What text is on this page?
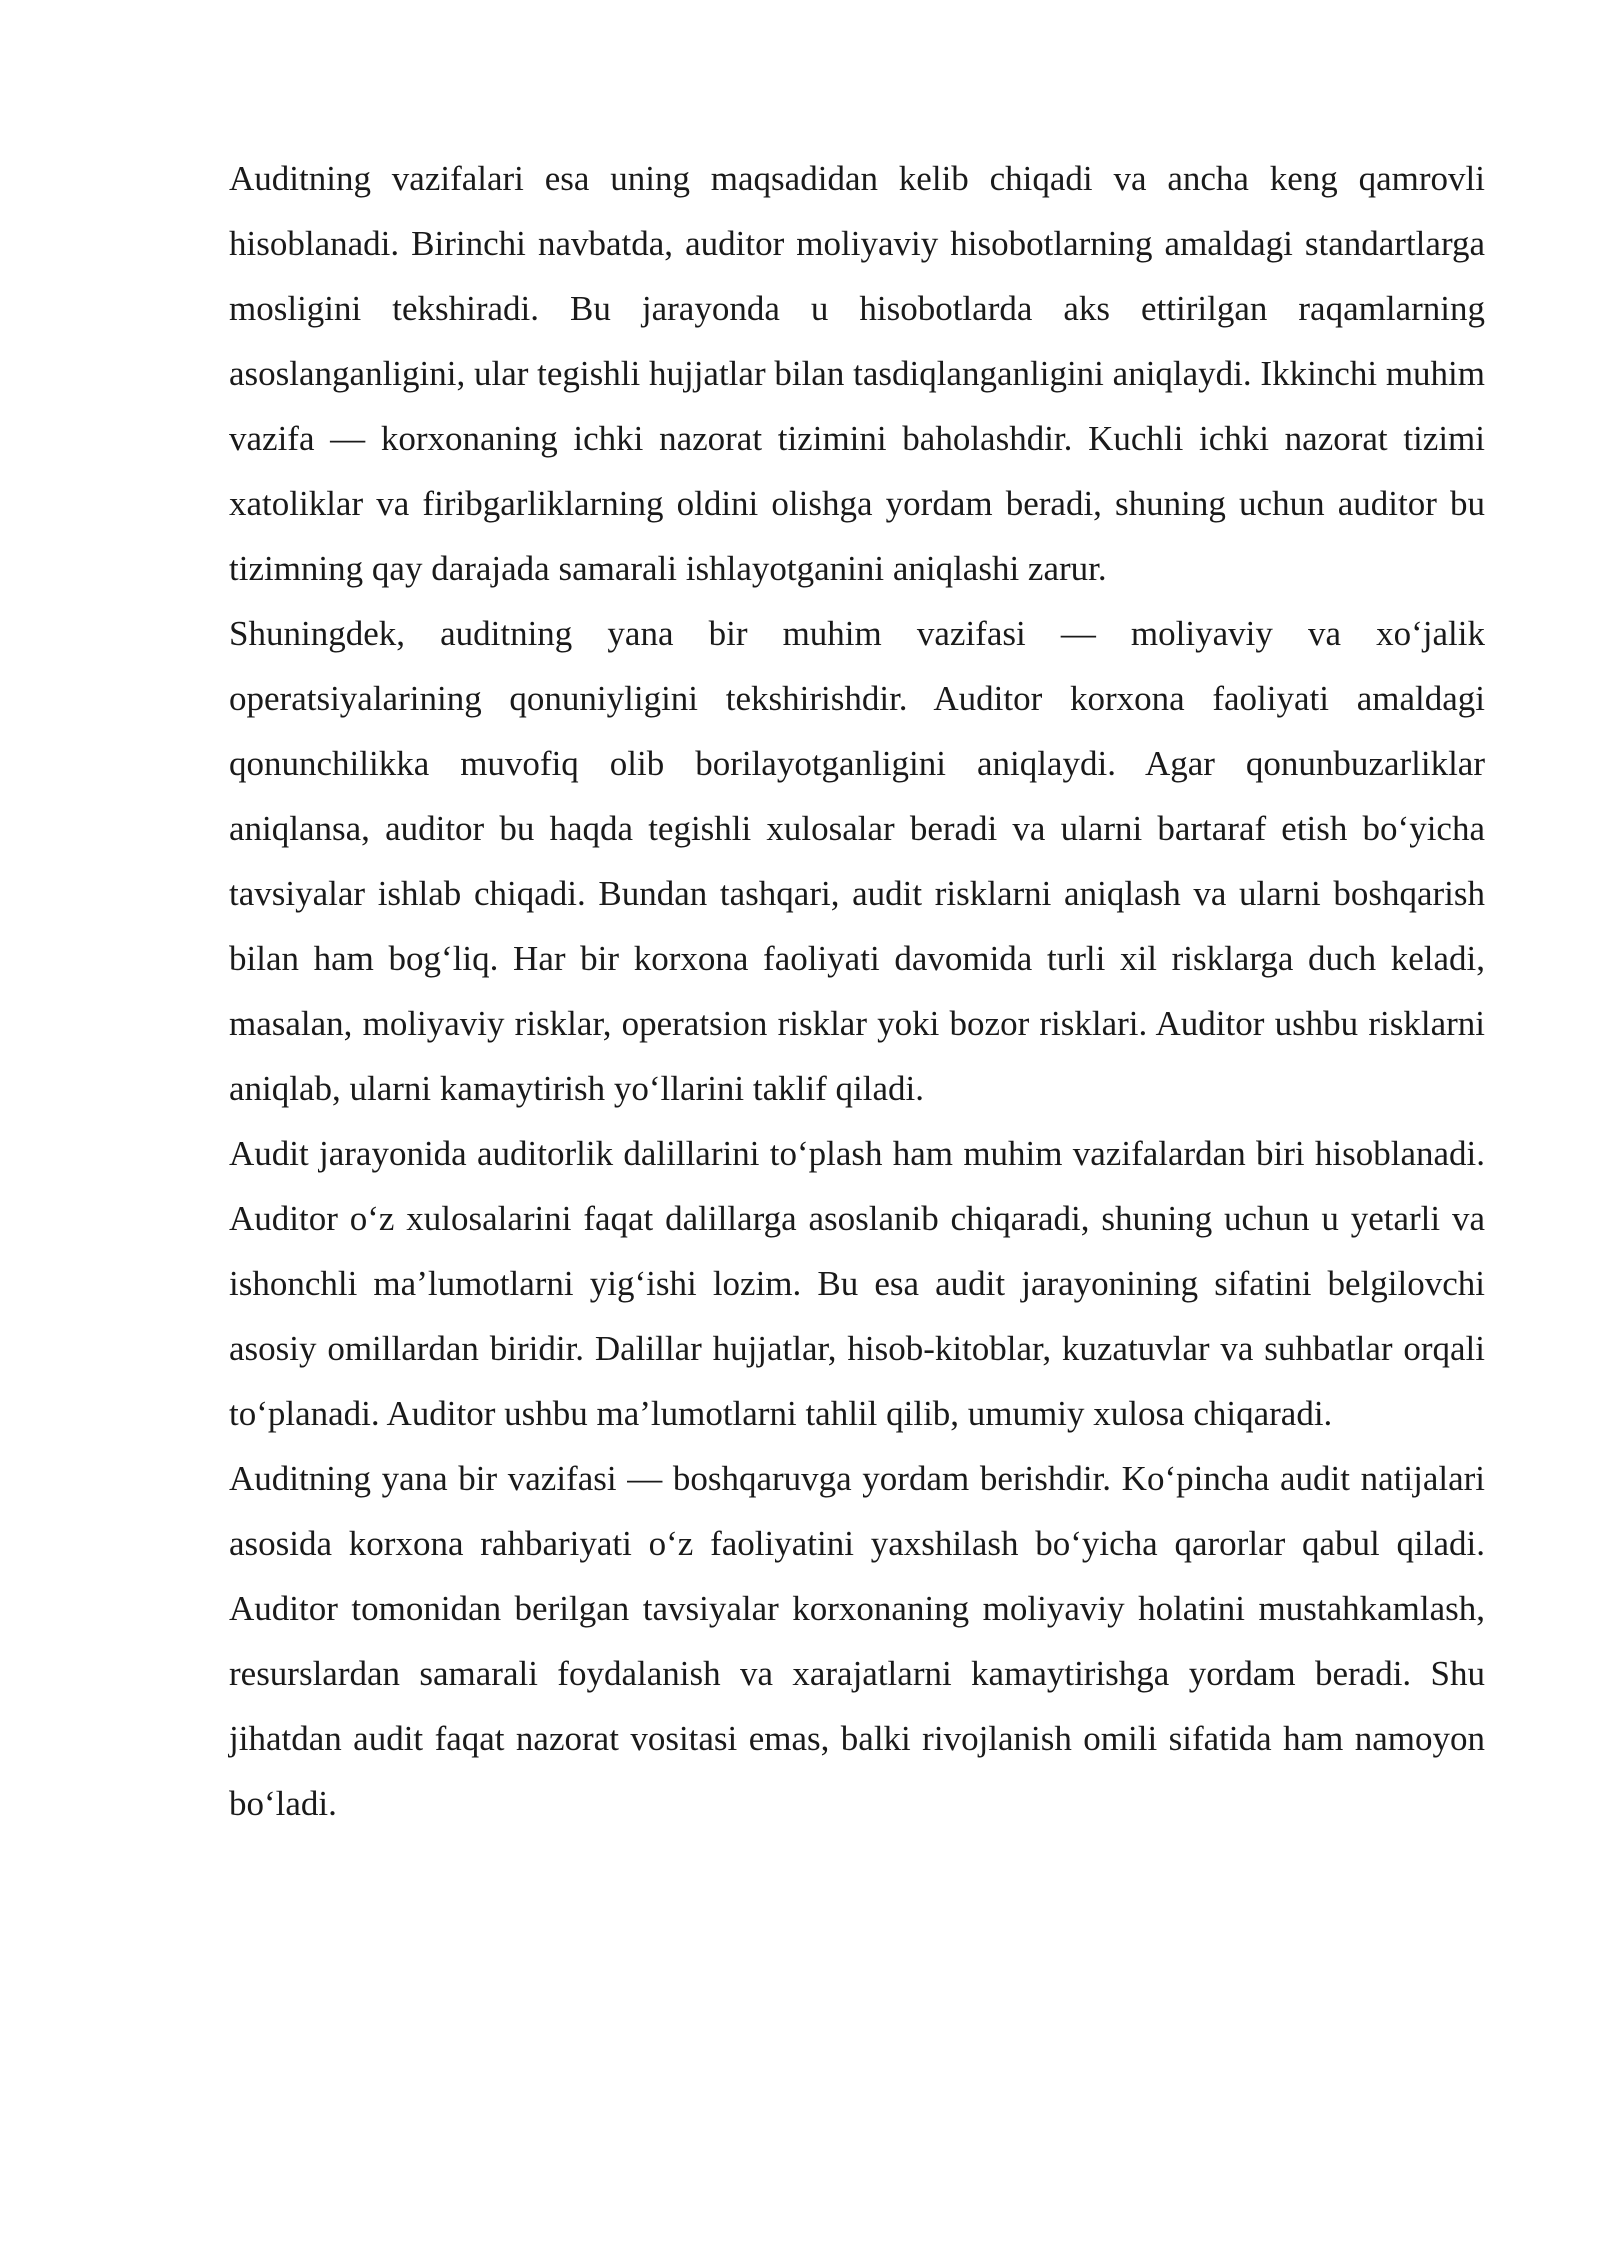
Auditning vazifalari esa uning maqsadidan kelib chiqadi va ancha keng qamrovli hisoblanadi. Birinchi navbatda, auditor moliyaviy hisobotlarning amaldagi standartlarga mosligini tekshiradi. Bu jarayonda u hisobotlarda aks ettirilgan raqamlarning asoslanganligini, ular tegishli hujjatlar bilan tasdiqlanganligini aniqlaydi. Ikkinchi muhim vazifa — korxonaning ichki nazorat tizimini baholashdir. Kuchli ichki nazorat tizimi xatoliklar va firibgarliklarning oldini olishga yordam beradi, shuning uchun auditor bu tizimning qay darajada samarali ishlayotganini aniqlashi zarur.

Shuningdek, auditning yana bir muhim vazifasi — moliyaviy va xo‘jalik operatsiyalarining qonuniyligini tekshirishdir. Auditor korxona faoliyati amaldagi qonunchilikka muvofiq olib borilayotganligini aniqlaydi. Agar qonunbuzarliklar aniqlansa, auditor bu haqda tegishli xulosalar beradi va ularni bartaraf etish bo‘yicha tavsiyalar ishlab chiqadi. Bundan tashqari, audit risklarni aniqlash va ularni boshqarish bilan ham bog‘liq. Har bir korxona faoliyati davomida turli xil risklarga duch keladi, masalan, moliyaviy risklar, operatsion risklar yoki bozor risklari. Auditor ushbu risklarni aniqlab, ularni kamaytirish yo‘llarini taklif qiladi.

Audit jarayonida auditorlik dalillarini to‘plash ham muhim vazifalardan biri hisoblanadi. Auditor o‘z xulosalarini faqat dalillarga asoslanib chiqaradi, shuning uchun u yetarli va ishonchli ma’lumotlarni yig‘ishi lozim. Bu esa audit jarayonining sifatini belgilovchi asosiy omillardan biridir. Dalillar hujjatlar, hisob-kitoblar, kuzatuvlar va suhbatlar orqali to‘planadi. Auditor ushbu ma’lumotlarni tahlil qilib, umumiy xulosa chiqaradi.

Auditning yana bir vazifasi — boshqaruvga yordam berishdir. Ko‘pincha audit natijalari asosida korxona rahbariyati o‘z faoliyatini yaxshilash bo‘yicha qarorlar qabul qiladi. Auditor tomonidan berilgan tavsiyalar korxonaning moliyaviy holatini mustahkamlash, resurslardan samarali foydalanish va xarajatlarni kamaytirishga yordam beradi. Shu jihatdan audit faqat nazorat vositasi emas, balki rivojlanish omili sifatida ham namoyon bo‘ladi.
